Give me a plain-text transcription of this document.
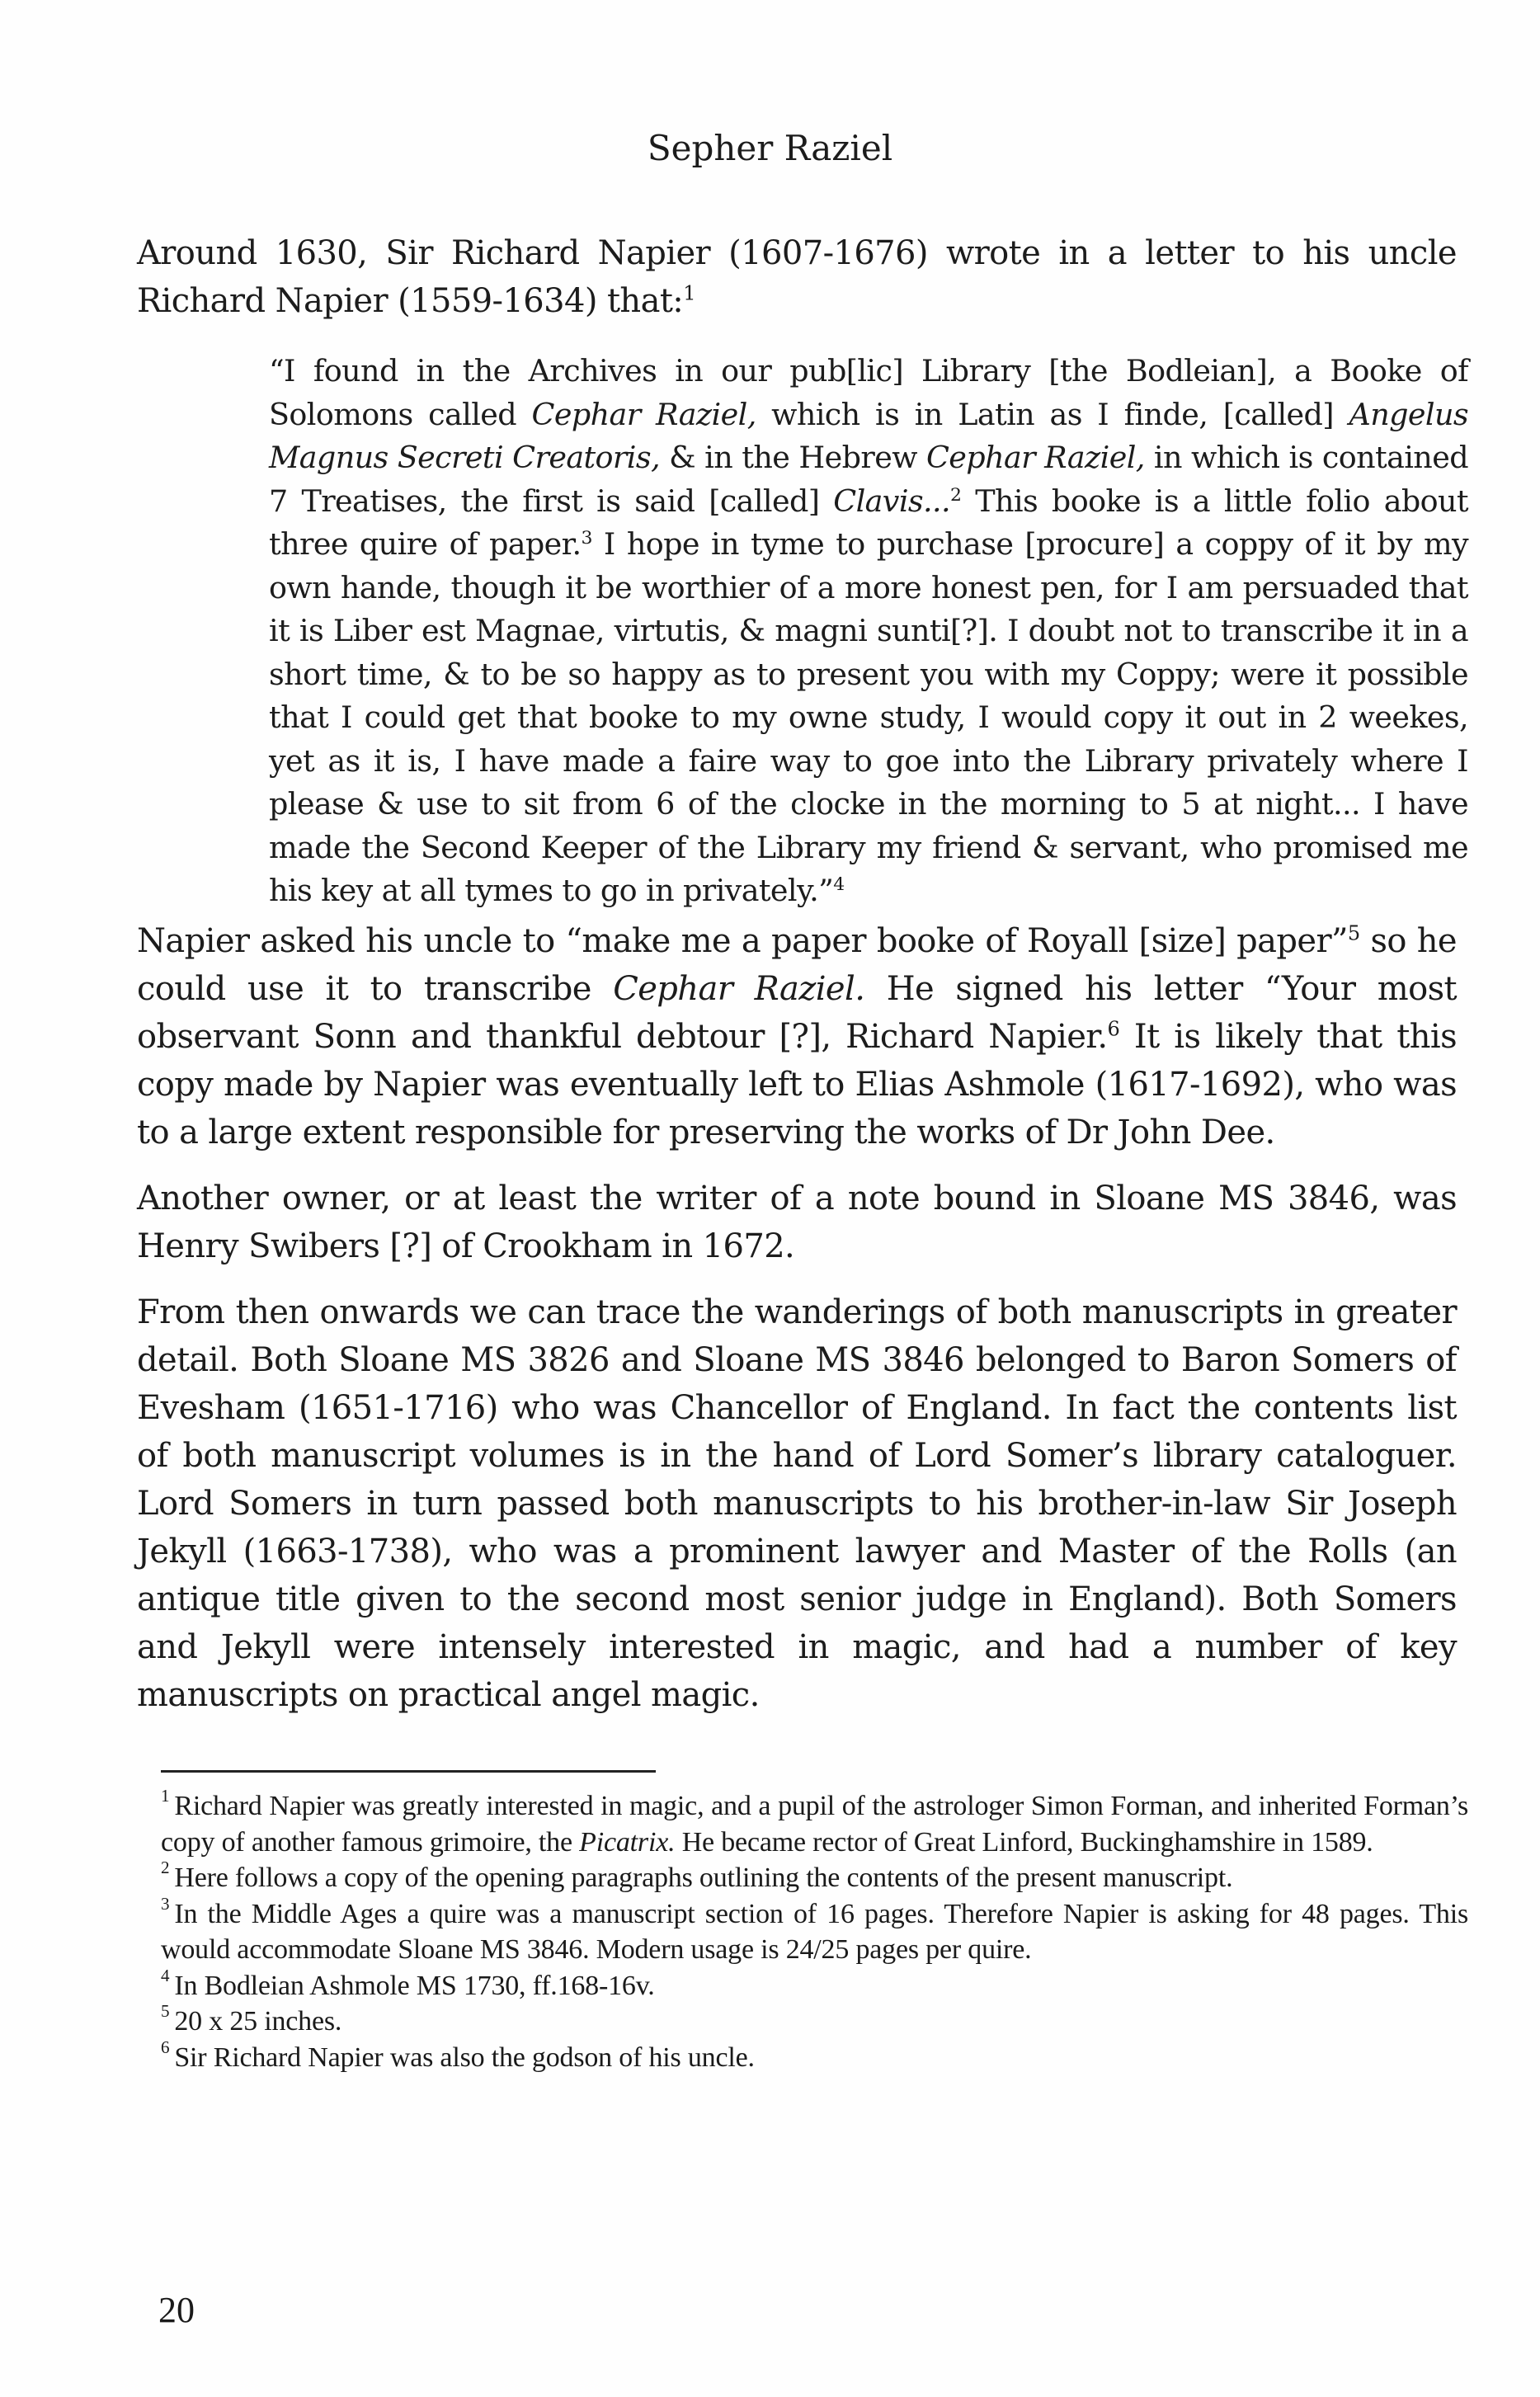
Sepher Raziel

Around 1630, Sir Richard Napier (1607-1676) wrote in a letter to his uncle Richard Napier (1559-1634) that:$^1$

“I found in the Archives in our pub[lic] Library [the Bodleian], a Booke of Solomons called Cephar Raziel, which is in Latin as I finde, [called] Angelus Magnus Secreti Creatoris, & in the Hebrew Cephar Raziel, in which is contained 7 Treatises, the first is said [called] Clavis...$^2$ This booke is a little folio about three quire of paper.$^3$ I hope in tyme to purchase [procure] a coppy of it by my own hande, though it be worthier of a more honest pen, for I am persuaded that it is Liber est Magnae, virtutis, & magni sunti[?]. I doubt not to transcribe it in a short time, & to be so happy as to present you with my Coppy; were it possible that I could get that booke to my owne study, I would copy it out in 2 weekes, yet as it is, I have made a faire way to goe into the Library privately where I please & use to sit from 6 of the clocke in the morning to 5 at night... I have made the Second Keeper of the Library my friend & servant, who promised me his key at all tymes to go in privately.”$^4$

Napier asked his uncle to “make me a paper booke of Royall [size] paper”$^5$ so he could use it to transcribe Cephar Raziel. He signed his letter “Your most observant Sonn and thankful debtour [?], Richard Napier.$^6$ It is likely that this copy made by Napier was eventually left to Elias Ashmole (1617-1692), who was to a large extent responsible for preserving the works of Dr John Dee.

Another owner, or at least the writer of a note bound in Sloane MS 3846, was Henry Swibers [?] of Crookham in 1672.

From then onwards we can trace the wanderings of both manuscripts in greater detail. Both Sloane MS 3826 and Sloane MS 3846 belonged to Baron Somers of Evesham (1651-1716) who was Chancellor of England. In fact the contents list of both manuscript volumes is in the hand of Lord Somer’s library cataloguer. Lord Somers in turn passed both manuscripts to his brother-in-law Sir Joseph Jekyll (1663-1738), who was a prominent lawyer and Master of the Rolls (an antique title given to the second most senior judge in England). Both Somers and Jekyll were intensely interested in magic, and had a number of key manuscripts on practical angel magic.

$^1$ Richard Napier was greatly interested in magic, and a pupil of the astrologer Simon Forman, and inherited Forman’s copy of another famous grimoire, the Picatrix. He became rector of Great Linford, Buckinghamshire in 1589.

$^2$ Here follows a copy of the opening paragraphs outlining the contents of the present manuscript.

$^3$ In the Middle Ages a quire was a manuscript section of 16 pages. Therefore Napier is asking for 48 pages. This would accommodate Sloane MS 3846. Modern usage is 24/25 pages per quire.

$^4$ In Bodleian Ashmole MS 1730, ff.168-16v.

$^5$ 20 x 25 inches.

$^6$ Sir Richard Napier was also the godson of his uncle.

20
